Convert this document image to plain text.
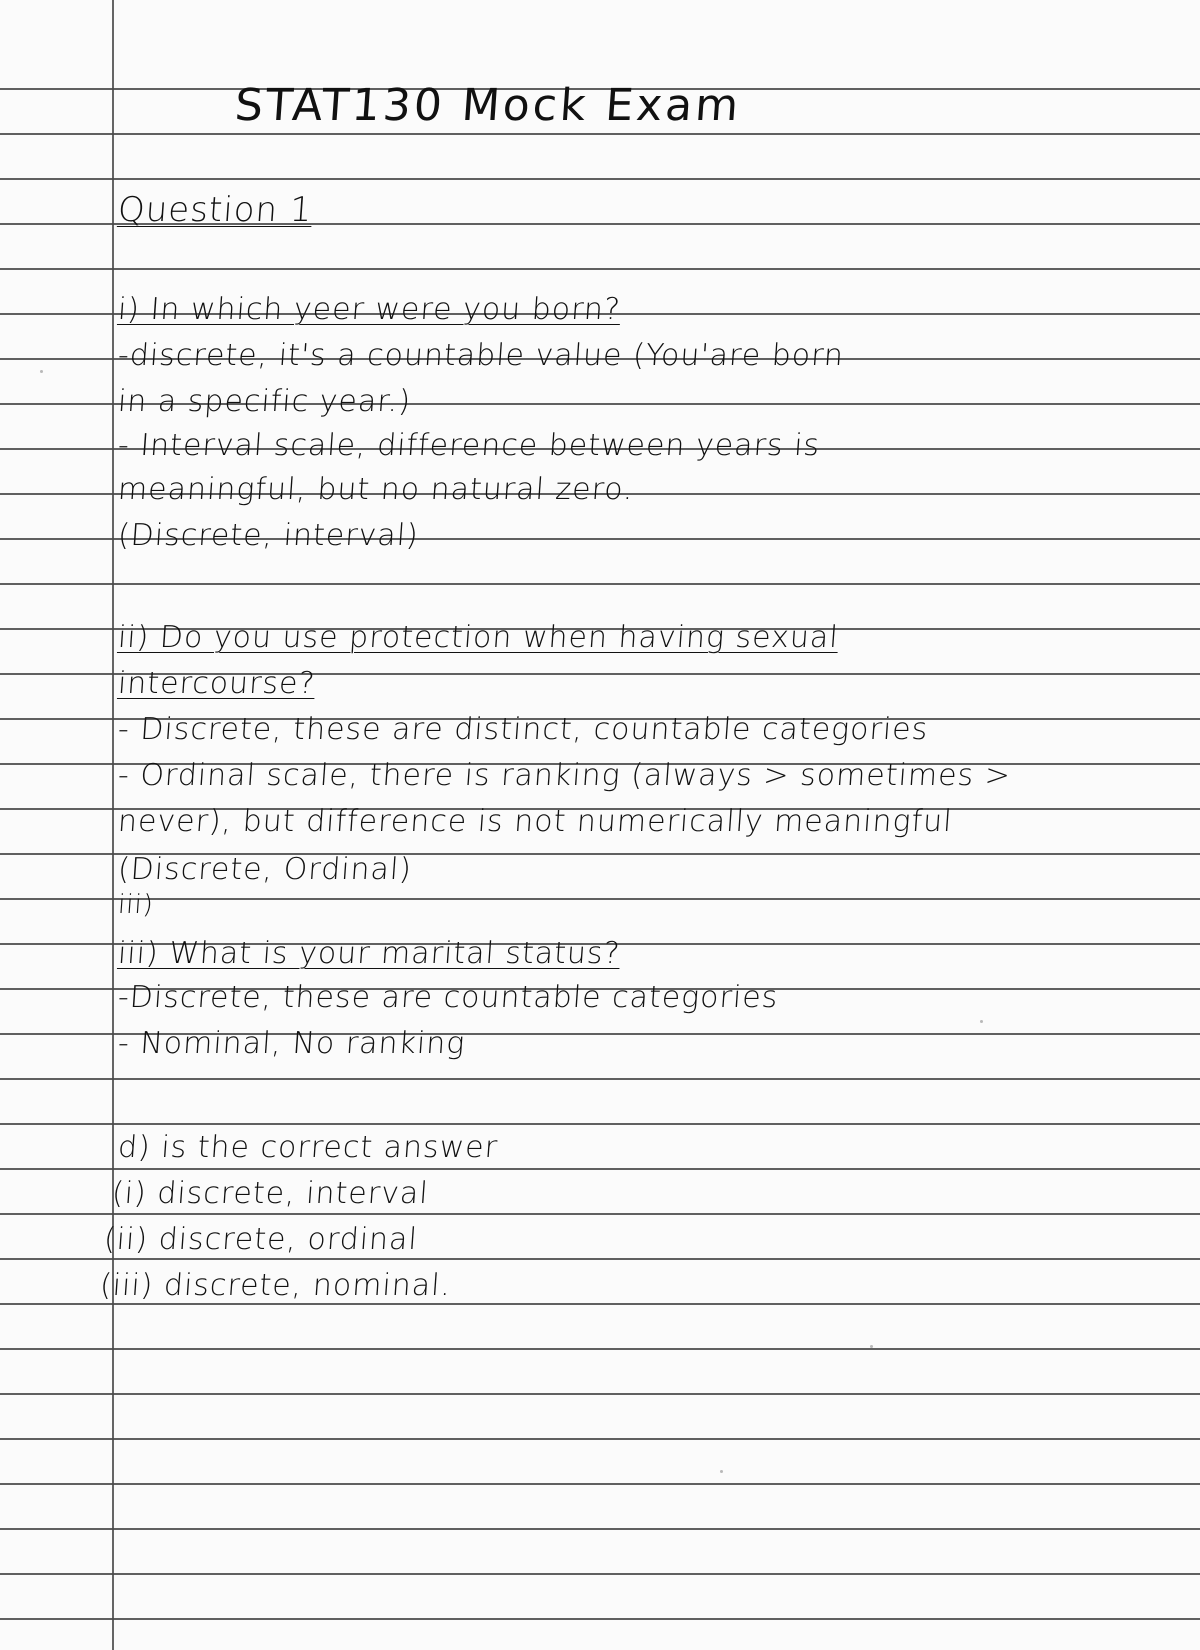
STAT130 Mock Exam
Question 1
i) In which yeer were you born?
-discrete, it's a countable value (You'are born
in a specific year.)
- Interval scale, difference between years is
meaningful, but no natural zero.
(Discrete, interval)
ii) Do you use protection when having sexual
intercourse?
- Discrete, these are distinct, countable categories
- Ordinal scale, there is ranking (always > sometimes >
never), but difference is not numerically meaningful
(Discrete, Ordinal)
iii)
iii) What is your marital status?
-Discrete, these are countable categories
- Nominal, No ranking
d) is the correct answer
(i) discrete, interval
(ii) discrete, ordinal
(iii) discrete, nominal.
